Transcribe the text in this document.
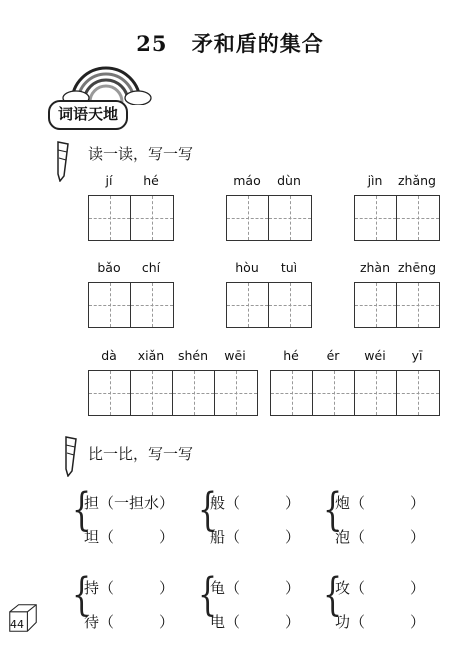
25 矛和盾的集合
词语天地
读一读，写一写
jí	hé	máo	dùn	jìn	zhǎng
bǎo	chí	hòu	tuì	zhàn zhēng
dà	xiǎn	shén	wēi	hé	ér	wéi	yī
比一比，写一写
{
担（一担水）
坦（　　　）
{
般（　　　）
船（　　　）
{
炮（　　　）
泡（　　　）
{
持（　　　）
待（　　　）
{
龟（　　　）
电（　　　）
{
攻（　　　）
功（　　　）
44
